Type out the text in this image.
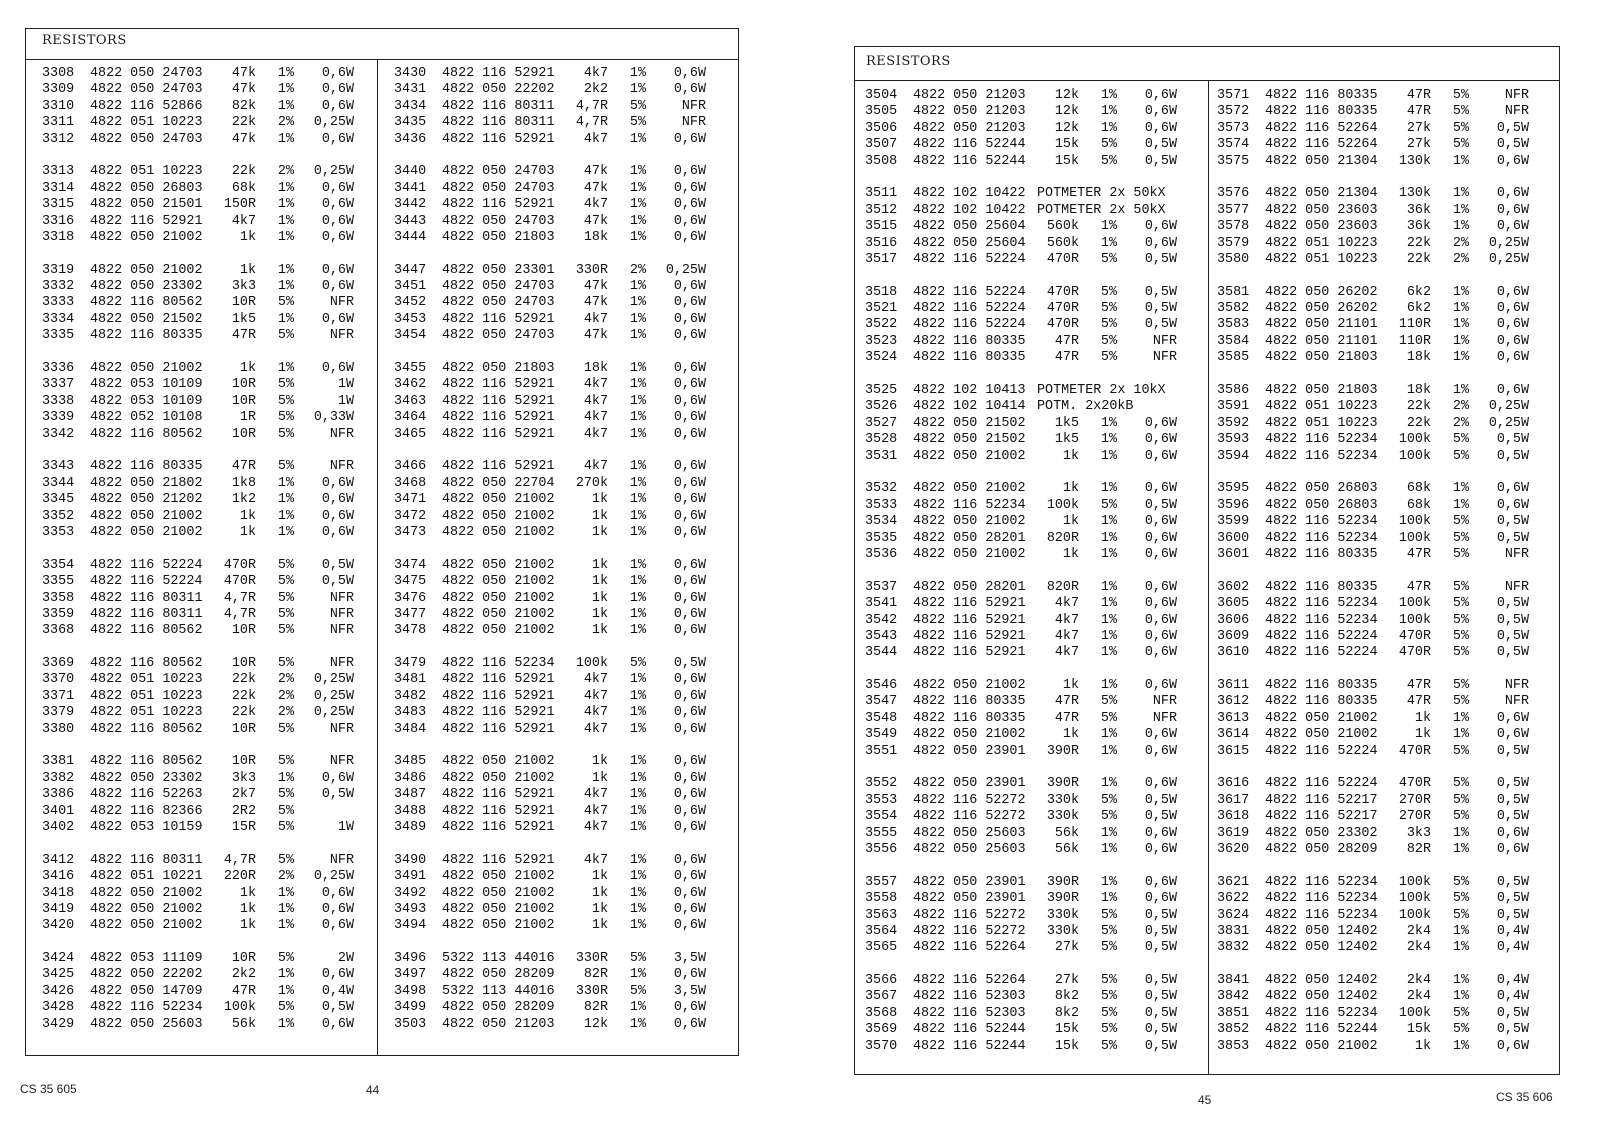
RESISTORS
3308	4822 050 24703	47k	1%	0,6W
3309	4822 050 24703	47k	1%	0,6W
3310	4822 116 52866	82k	1%	0,6W
3311	4822 051 10223	22k	2%	0,25W
3312	4822 050 24703	47k	1%	0,6W
3313	4822 051 10223	22k	2%	0,25W
3314	4822 050 26803	68k	1%	0,6W
3315	4822 050 21501	150R	1%	0,6W
3316	4822 116 52921	4k7	1%	0,6W
3318	4822 050 21002	1k	1%	0,6W
3319	4822 050 21002	1k	1%	0,6W
3332	4822 050 23302	3k3	1%	0,6W
3333	4822 116 80562	10R	5%	NFR
3334	4822 050 21502	1k5	1%	0,6W
3335	4822 116 80335	47R	5%	NFR
3336	4822 050 21002	1k	1%	0,6W
3337	4822 053 10109	10R	5%	1W
3338	4822 053 10109	10R	5%	1W
3339	4822 052 10108	1R	5%	0,33W
3342	4822 116 80562	10R	5%	NFR
3343	4822 116 80335	47R	5%	NFR
3344	4822 050 21802	1k8	1%	0,6W
3345	4822 050 21202	1k2	1%	0,6W
3352	4822 050 21002	1k	1%	0,6W
3353	4822 050 21002	1k	1%	0,6W
3354	4822 116 52224	470R	5%	0,5W
3355	4822 116 52224	470R	5%	0,5W
3358	4822 116 80311	4,7R	5%	NFR
3359	4822 116 80311	4,7R	5%	NFR
3368	4822 116 80562	10R	5%	NFR
3369	4822 116 80562	10R	5%	NFR
3370	4822 051 10223	22k	2%	0,25W
3371	4822 051 10223	22k	2%	0,25W
3379	4822 051 10223	22k	2%	0,25W
3380	4822 116 80562	10R	5%	NFR
3381	4822 116 80562	10R	5%	NFR
3382	4822 050 23302	3k3	1%	0,6W
3386	4822 116 52263	2k7	5%	0,5W
3401	4822 116 82366	2R2	5%
3402	4822 053 10159	15R	5%	1W
3412	4822 116 80311	4,7R	5%	NFR
3416	4822 051 10221	220R	2%	0,25W
3418	4822 050 21002	1k	1%	0,6W
3419	4822 050 21002	1k	1%	0,6W
3420	4822 050 21002	1k	1%	0,6W
3424	4822 053 11109	10R	5%	2W
3425	4822 050 22202	2k2	1%	0,6W
3426	4822 050 14709	47R	1%	0,4W
3428	4822 116 52234	100k	5%	0,5W
3429	4822 050 25603	56k	1%	0,6W
3430	4822 116 52921	4k7	1%	0,6W
3431	4822 050 22202	2k2	1%	0,6W
3434	4822 116 80311	4,7R	5%	NFR
3435	4822 116 80311	4,7R	5%	NFR
3436	4822 116 52921	4k7	1%	0,6W
3440	4822 050 24703	47k	1%	0,6W
3441	4822 050 24703	47k	1%	0,6W
3442	4822 116 52921	4k7	1%	0,6W
3443	4822 050 24703	47k	1%	0,6W
3444	4822 050 21803	18k	1%	0,6W
3447	4822 050 23301	330R	2%	0,25W
3451	4822 050 24703	47k	1%	0,6W
3452	4822 050 24703	47k	1%	0,6W
3453	4822 116 52921	4k7	1%	0,6W
3454	4822 050 24703	47k	1%	0,6W
3455	4822 050 21803	18k	1%	0,6W
3462	4822 116 52921	4k7	1%	0,6W
3463	4822 116 52921	4k7	1%	0,6W
3464	4822 116 52921	4k7	1%	0,6W
3465	4822 116 52921	4k7	1%	0,6W
3466	4822 116 52921	4k7	1%	0,6W
3468	4822 050 22704	270k	1%	0,6W
3471	4822 050 21002	1k	1%	0,6W
3472	4822 050 21002	1k	1%	0,6W
3473	4822 050 21002	1k	1%	0,6W
3474	4822 050 21002	1k	1%	0,6W
3475	4822 050 21002	1k	1%	0,6W
3476	4822 050 21002	1k	1%	0,6W
3477	4822 050 21002	1k	1%	0,6W
3478	4822 050 21002	1k	1%	0,6W
3479	4822 116 52234	100k	5%	0,5W
3481	4822 116 52921	4k7	1%	0,6W
3482	4822 116 52921	4k7	1%	0,6W
3483	4822 116 52921	4k7	1%	0,6W
3484	4822 116 52921	4k7	1%	0,6W
3485	4822 050 21002	1k	1%	0,6W
3486	4822 050 21002	1k	1%	0,6W
3487	4822 116 52921	4k7	1%	0,6W
3488	4822 116 52921	4k7	1%	0,6W
3489	4822 116 52921	4k7	1%	0,6W
3490	4822 116 52921	4k7	1%	0,6W
3491	4822 050 21002	1k	1%	0,6W
3492	4822 050 21002	1k	1%	0,6W
3493	4822 050 21002	1k	1%	0,6W
3494	4822 050 21002	1k	1%	0,6W
3496	5322 113 44016	330R	5%	3,5W
3497	4822 050 28209	82R	1%	0,6W
3498	5322 113 44016	330R	5%	3,5W
3499	4822 050 28209	82R	1%	0,6W
3503	4822 050 21203	12k	1%	0,6W
CS 35 605	44
RESISTORS
3504	4822 050 21203	12k	1%	0,6W
3505	4822 050 21203	12k	1%	0,6W
3506	4822 050 21203	12k	1%	0,6W
3507	4822 116 52244	15k	5%	0,5W
3508	4822 116 52244	15k	5%	0,5W
3511	4822 102 10422 POTMETER 2x 50kX
3512	4822 102 10422 POTMETER 2x 50kX
3515	4822 050 25604	560k	1%	0,6W
3516	4822 050 25604	560k	1%	0,6W
3517	4822 116 52224	470R	5%	0,5W
3518	4822 116 52224	470R	5%	0,5W
3521	4822 116 52224	470R	5%	0,5W
3522	4822 116 52224	470R	5%	0,5W
3523	4822 116 80335	47R	5%	NFR
3524	4822 116 80335	47R	5%	NFR
3525	4822 102 10413 POTMETER 2x 10kX
3526	4822 102 10414 POTM. 2x20kB
3527	4822 050 21502	1k5	1%	0,6W
3528	4822 050 21502	1k5	1%	0,6W
3531	4822 050 21002	1k	1%	0,6W
3532	4822 050 21002	1k	1%	0,6W
3533	4822 116 52234	100k	5%	0,5W
3534	4822 050 21002	1k	1%	0,6W
3535	4822 050 28201	820R	1%	0,6W
3536	4822 050 21002	1k	1%	0,6W
3537	4822 050 28201	820R	1%	0,6W
3541	4822 116 52921	4k7	1%	0,6W
3542	4822 116 52921	4k7	1%	0,6W
3543	4822 116 52921	4k7	1%	0,6W
3544	4822 116 52921	4k7	1%	0,6W
3546	4822 050 21002	1k	1%	0,6W
3547	4822 116 80335	47R	5%	NFR
3548	4822 116 80335	47R	5%	NFR
3549	4822 050 21002	1k	1%	0,6W
3551	4822 050 23901	390R	1%	0,6W
3552	4822 050 23901	390R	1%	0,6W
3553	4822 116 52272	330k	5%	0,5W
3554	4822 116 52272	330k	5%	0,5W
3555	4822 050 25603	56k	1%	0,6W
3556	4822 050 25603	56k	1%	0,6W
3557	4822 050 23901	390R	1%	0,6W
3558	4822 050 23901	390R	1%	0,6W
3563	4822 116 52272	330k	5%	0,5W
3564	4822 116 52272	330k	5%	0,5W
3565	4822 116 52264	27k	5%	0,5W
3566	4822 116 52264	27k	5%	0,5W
3567	4822 116 52303	8k2	5%	0,5W
3568	4822 116 52303	8k2	5%	0,5W
3569	4822 116 52244	15k	5%	0,5W
3570	4822 116 52244	15k	5%	0,5W
3571	4822 116 80335	47R	5%	NFR
3572	4822 116 80335	47R	5%	NFR
3573	4822 116 52264	27k	5%	0,5W
3574	4822 116 52264	27k	5%	0,5W
3575	4822 050 21304	130k	1%	0,6W
3576	4822 050 21304	130k	1%	0,6W
3577	4822 050 23603	36k	1%	0,6W
3578	4822 050 23603	36k	1%	0,6W
3579	4822 051 10223	22k	2%	0,25W
3580	4822 051 10223	22k	2%	0,25W
3581	4822 050 26202	6k2	1%	0,6W
3582	4822 050 26202	6k2	1%	0,6W
3583	4822 050 21101	110R	1%	0,6W
3584	4822 050 21101	110R	1%	0,6W
3585	4822 050 21803	18k	1%	0,6W
3586	4822 050 21803	18k	1%	0,6W
3591	4822 051 10223	22k	2%	0,25W
3592	4822 051 10223	22k	2%	0,25W
3593	4822 116 52234	100k	5%	0,5W
3594	4822 116 52234	100k	5%	0,5W
3595	4822 050 26803	68k	1%	0,6W
3596	4822 050 26803	68k	1%	0,6W
3599	4822 116 52234	100k	5%	0,5W
3600	4822 116 52234	100k	5%	0,5W
3601	4822 116 80335	47R	5%	NFR
3602	4822 116 80335	47R	5%	NFR
3605	4822 116 52234	100k	5%	0,5W
3606	4822 116 52234	100k	5%	0,5W
3609	4822 116 52224	470R	5%	0,5W
3610	4822 116 52224	470R	5%	0,5W
3611	4822 116 80335	47R	5%	NFR
3612	4822 116 80335	47R	5%	NFR
3613	4822 050 21002	1k	1%	0,6W
3614	4822 050 21002	1k	1%	0,6W
3615	4822 116 52224	470R	5%	0,5W
3616	4822 116 52224	470R	5%	0,5W
3617	4822 116 52217	270R	5%	0,5W
3618	4822 116 52217	270R	5%	0,5W
3619	4822 050 23302	3k3	1%	0,6W
3620	4822 050 28209	82R	1%	0,6W
3621	4822 116 52234	100k	5%	0,5W
3622	4822 116 52234	100k	5%	0,5W
3624	4822 116 52234	100k	5%	0,5W
3831	4822 050 12402	2k4	1%	0,4W
3832	4822 050 12402	2k4	1%	0,4W
3841	4822 050 12402	2k4	1%	0,4W
3842	4822 050 12402	2k4	1%	0,4W
3851	4822 116 52234	100k	5%	0,5W
3852	4822 116 52244	15k	5%	0,5W
3853	4822 050 21002	1k	1%	0,6W
45	CS 35 606
